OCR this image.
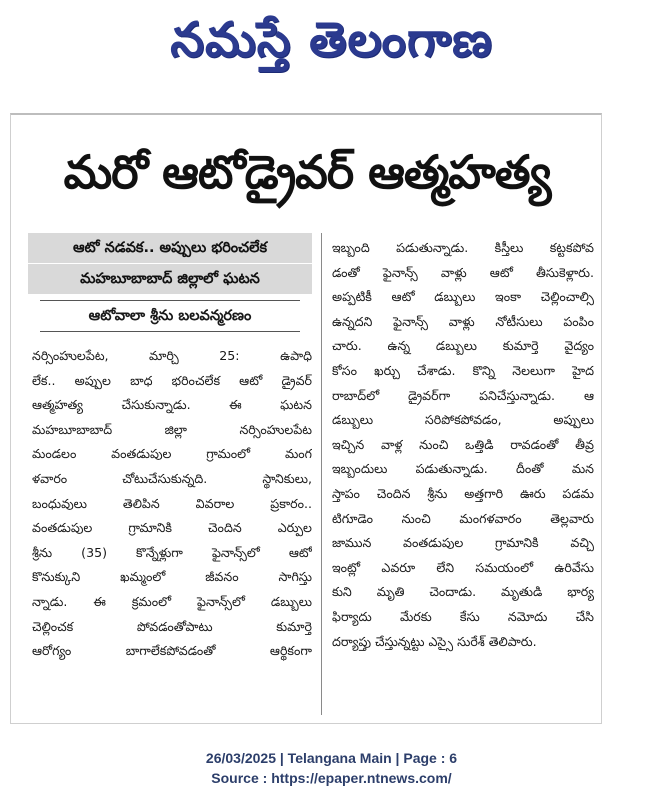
నమస్తే తెలంగాణ
మరో ఆటోడ్రైవర్ ఆత్మహత్య
ఆటో నడవక.. అప్పులు భరించలేక
మహబూబాబాద్ జిల్లాలో ఘటన
ఆటోవాలా శ్రీను బలవన్మరణం
నర్సింహులపేట, మార్చి 25: ఉపాధి
లేక.. అప్పుల బాధ భరించలేక ఆటో డ్రైవర్
ఆత్మహత్య చేసుకున్నాడు. ఈ ఘటన
మహబూబాబాద్ జిల్లా నర్సింహులపేట
మండలం వంతడుపుల గ్రామంలో మంగ
ళవారం చోటుచేసుకున్నది. స్థానికులు,
బంధువులు తెలిపిన వివరాల ప్రకారం..
వంతడుపుల గ్రామానికి చెందిన ఎర్పుల
శ్రీను (35) కొన్నేళ్లుగా ఫైనాన్స్‌లో ఆటో
కొనుక్కుని ఖమ్మంలో జీవనం సాగిస్తు
న్నాడు. ఈ క్రమంలో ఫైనాన్స్‌లో డబ్బులు
చెల్లించక పోవడంతోపాటు కుమార్తె
ఆరోగ్యం బాగాలేకపోవడంతో ఆర్థికంగా
ఇబ్బంది పడుతున్నాడు. కిస్తీలు కట్టకపోవ
డంతో ఫైనాన్స్ వాళ్లు ఆటో తీసుకెళ్లారు.
అప్పటికీ ఆటో డబ్బులు ఇంకా చెల్లించాల్సి
ఉన్నదని ఫైనాన్స్ వాళ్లు నోటీసులు పంపిం
చారు. ఉన్న డబ్బులు కుమార్తె వైద్యం
కోసం ఖర్చు చేశాడు. కొన్ని నెలలుగా హైద
రాబాద్‌లో డ్రైవర్‌గా పనిచేస్తున్నాడు. ఆ
డబ్బులు సరిపోకపోవడం, అప్పులు
ఇచ్చిన వాళ్ల నుంచి ఒత్తిడి రావడంతో తీవ్ర
ఇబ్బందులు పడుతున్నాడు. దీంతో మన
స్తాపం చెందిన శ్రీను అత్తగారి ఊరు పడమ
టిగూడెం నుంచి మంగళవారం తెల్లవారు
జామున వంతడుపుల గ్రామానికి వచ్చి
ఇంట్లో ఎవరూ లేని సమయంలో ఉరివేసు
కుని మృతి చెందాడు. మృతుడి భార్య
ఫిర్యాదు మేరకు కేసు నమోదు చేసి
దర్యాప్తు చేస్తున్నట్టు ఎస్సై సురేశ్ తెలిపారు.
26/03/2025 | Telangana Main | Page : 6
Source : https://epaper.ntnews.com/
